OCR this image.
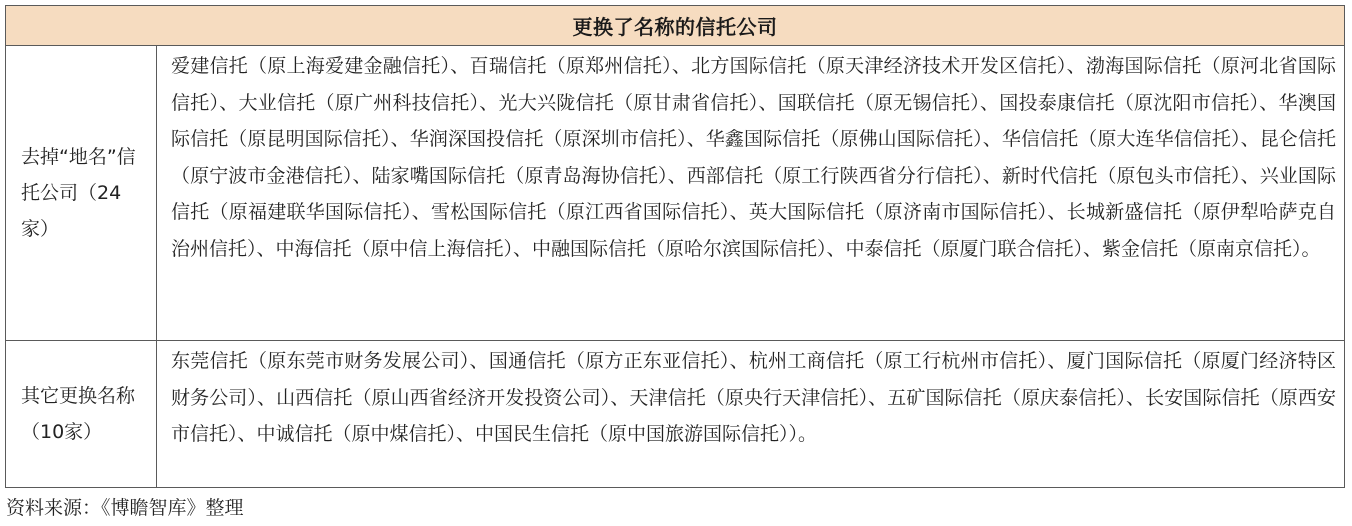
更换了名称的信托公司
去掉“地名”信托公司（24家）
爱建信托（原上海爱建金融信托）、百瑞信托（原郑州信托）、北方国际信托（原天津经济技术开发区信托）、渤海国际信托（原河北省国际信托）、大业信托（原广州科技信托）、光大兴陇信托（原甘肃省信托）、国联信托（原无锡信托）、国投泰康信托（原沈阳市信托）、华澳国际信托（原昆明国际信托）、华润深国投信托（原深圳市信托）、华鑫国际信托（原佛山国际信托）、华信信托（原大连华信信托）、昆仑信托（原宁波市金港信托）、陆家嘴国际信托（原青岛海协信托）、西部信托（原工行陕西省分行信托）、新时代信托（原包头市信托）、兴业国际信托（原福建联华国际信托）、雪松国际信托（原江西省国际信托）、英大国际信托（原济南市国际信托）、长城新盛信托（原伊犁哈萨克自治州信托）、中海信托（原中信上海信托）、中融国际信托（原哈尔滨国际信托）、中泰信托（原厦门联合信托）、紫金信托（原南京信托）。
其它更换名称（10家）
东莞信托（原东莞市财务发展公司）、国通信托（原方正东亚信托）、杭州工商信托（原工行杭州市信托）、厦门国际信托（原厦门经济特区财务公司）、山西信托（原山西省经济开发投资公司）、天津信托（原央行天津信托）、五矿国际信托（原庆泰信托）、长安国际信托（原西安市信托）、中诚信托（原中煤信托）、中国民生信托（原中国旅游国际信托））。
资料来源：《博瞻智库》整理
